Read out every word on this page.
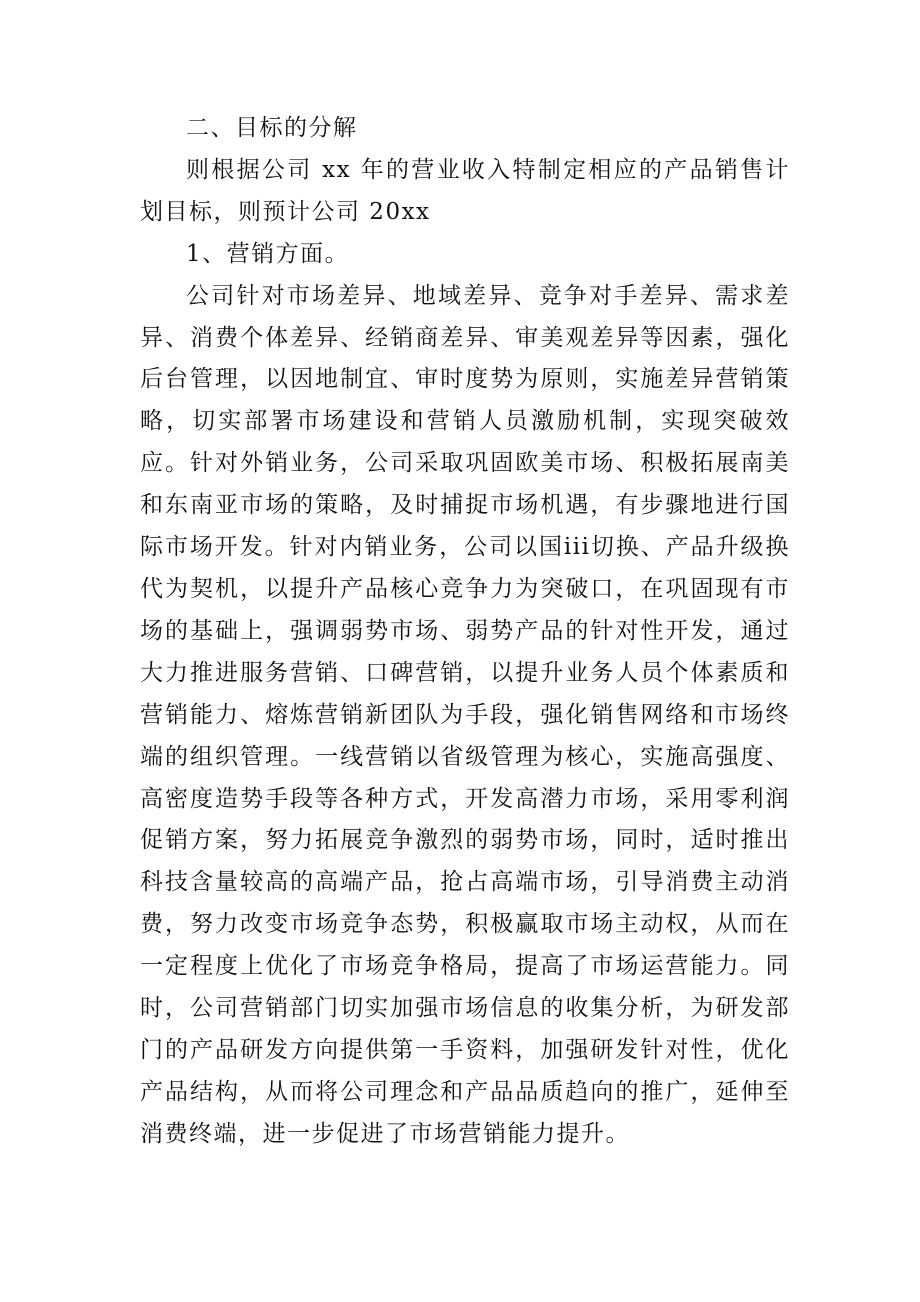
二、目标的分解

则根据公司 xx 年的营业收入特制定相应的产品销售计划目标，则预计公司 20xx

1、营销方面。

公司针对市场差异、地域差异、竞争对手差异、需求差异、消费个体差异、经销商差异、审美观差异等因素，强化后台管理，以因地制宜、审时度势为原则，实施差异营销策略，切实部署市场建设和营销人员激励机制，实现突破效应。针对外销业务，公司采取巩固欧美市场、积极拓展南美和东南亚市场的策略，及时捕捉市场机遇，有步骤地进行国际市场开发。针对内销业务，公司以国iii切换、产品升级换代为契机，以提升产品核心竞争力为突破口，在巩固现有市场的基础上，强调弱势市场、弱势产品的针对性开发，通过大力推进服务营销、口碑营销，以提升业务人员个体素质和营销能力、熔炼营销新团队为手段，强化销售网络和市场终端的组织管理。一线营销以省级管理为核心，实施高强度、高密度造势手段等各种方式，开发高潜力市场，采用零利润促销方案，努力拓展竞争激烈的弱势市场，同时，适时推出科技含量较高的高端产品，抢占高端市场，引导消费主动消费，努力改变市场竞争态势，积极赢取市场主动权，从而在一定程度上优化了市场竞争格局，提高了市场运营能力。同时，公司营销部门切实加强市场信息的收集分析，为研发部门的产品研发方向提供第一手资料，加强研发针对性，优化产品结构，从而将公司理念和产品品质趋向的推广，延伸至消费终端，进一步促进了市场营销能力提升。
